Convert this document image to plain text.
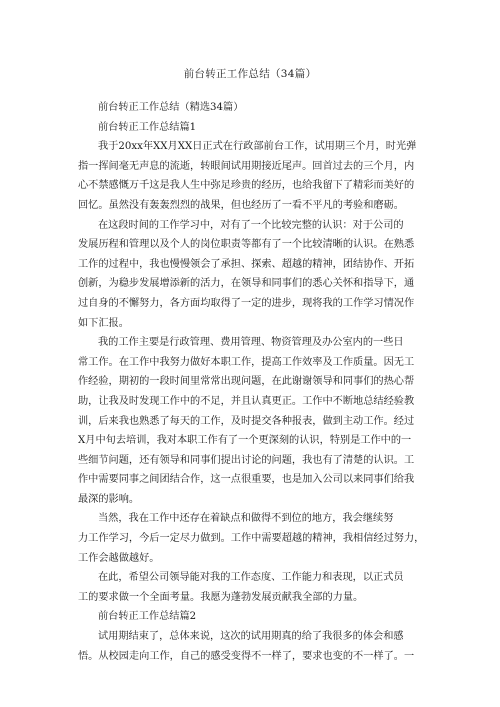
前台转正工作总结（34篇）
前台转正工作总结（精选34篇）
前台转正工作总结篇1
我于20xx年XX月XX日正式在行政部前台工作，试用期三个月，时光弹
指一挥间毫无声息的流逝，转眼间试用期接近尾声。回首过去的三个月，内
心不禁感慨万千这是我人生中弥足珍贵的经历，也给我留下了精彩而美好的
回忆。虽然没有轰轰烈烈的战果，但也经历了一看不平凡的考验和磨砺。
在这段时间的工作学习中，对有了一个比较完整的认识：对于公司的
发展历程和管理以及个人的岗位职责等都有了一个比较清晰的认识。在熟悉
工作的过程中，我也慢慢领会了承担、探索、超越的精神，团结协作、开拓
创新，为稳步发展增添新的活力，在领导和同事们的悉心关怀和指导下，通
过自身的不懈努力，各方面均取得了一定的进步，现将我的工作学习情况作
如下汇报。
我的工作主要是行政管理、费用管理、物资管理及办公室内的一些日
常工作。在工作中我努力做好本职工作，提高工作效率及工作质量。因无工
作经验，期初的一段时间里常常出现问题，在此谢谢领导和同事们的热心帮
助，让我及时发现工作中的不足，并且认真更正。工作中不断地总结经验教
训，后来我也熟悉了每天的工作，及时提交各种报表，做到主动工作。经过
X月中旬去培训，我对本职工作有了一个更深刻的认识，特别是工作中的一
些细节问题，还有领导和同事们提出讨论的问题，我也有了清楚的认识。工
作中需要同事之间团结合作，这一点很重要，也是加入公司以来同事们给我
最深的影响。
当然，我在工作中还存在着缺点和做得不到位的地方，我会继续努
力工作学习，今后一定尽力做到。工作中需要超越的精神，我相信经过努力，
工作会越做越好。
在此，希望公司领导能对我的工作态度、工作能力和表现，以正式员
工的要求做一个全面考量。我愿为蓬勃发展贡献我全部的力量。
前台转正工作总结篇2
试用期结束了，总体来说，这次的试用期真的给了我很多的体会和感
悟。从校园走向工作，自己的感受变得不一样了，要求也变的不一样了。一
